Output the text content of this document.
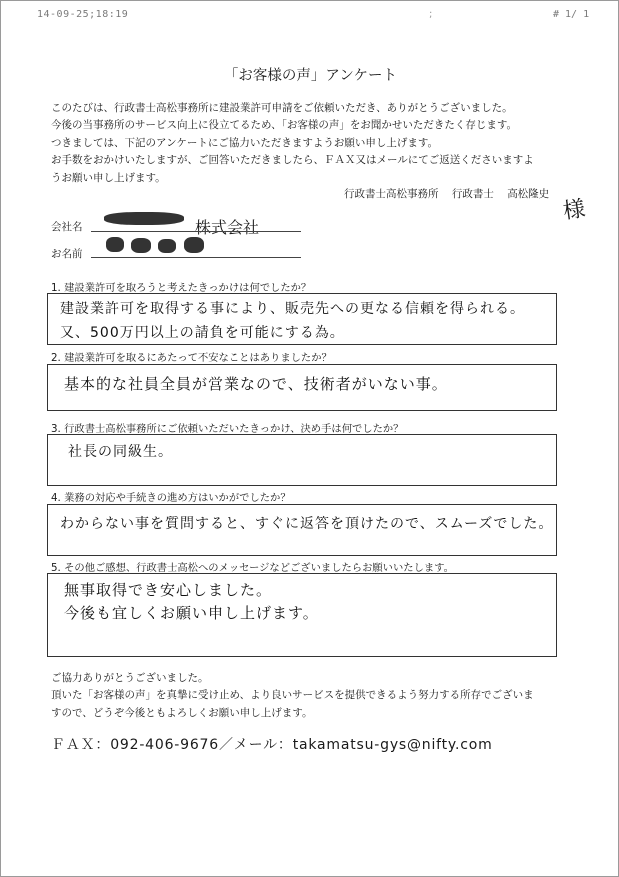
14-09-25;18:19	;	# 1/ 1
「お客様の声」アンケート
このたびは、行政書士高松事務所に建設業許可申請をご依頼いただき、ありがとうございました。
今後の当事務所のサービス向上に役立てるため、「お客様の声」をお聞かせいただきたく存じます。
つきましては、下記のアンケートにご協力いただきますようお願い申し上げます。
お手数をおかけいたしますが、ご回答いただきましたら、ＦＡＸ又はメールにてご返送くださいますよ
うお願い申し上げます。
行政書士高松事務所 行政書士 高松隆史
様
会社名	株式会社
お名前
1. 建設業許可を取ろうと考えたきっかけは何でしたか？
建設業許可を取得する事により、販売先への更なる信頼を得られる。
又、500万円以上の請負を可能にする為。
2. 建設業許可を取るにあたって不安なことはありましたか？
基本的な社員全員が営業なので、技術者がいない事。
3. 行政書士高松事務所にご依頼いただいたきっかけ、決め手は何でしたか？
社長の同級生。
4. 業務の対応や手続きの進め方はいかがでしたか？
わからない事を質問すると、すぐに返答を頂けたので、スムーズでした。
5. その他ご感想、行政書士高松へのメッセージなどございましたらお願いいたします。
無事取得でき安心しました。
今後も宜しくお願い申し上げます。
ご協力ありがとうございました。
頂いた「お客様の声」を真摯に受け止め、より良いサービスを提供できるよう努力する所存でございま
すので、どうぞ今後ともよろしくお願い申し上げます。
ＦＡＸ：092-406-9676／メール：takamatsu-gys@nifty.com
